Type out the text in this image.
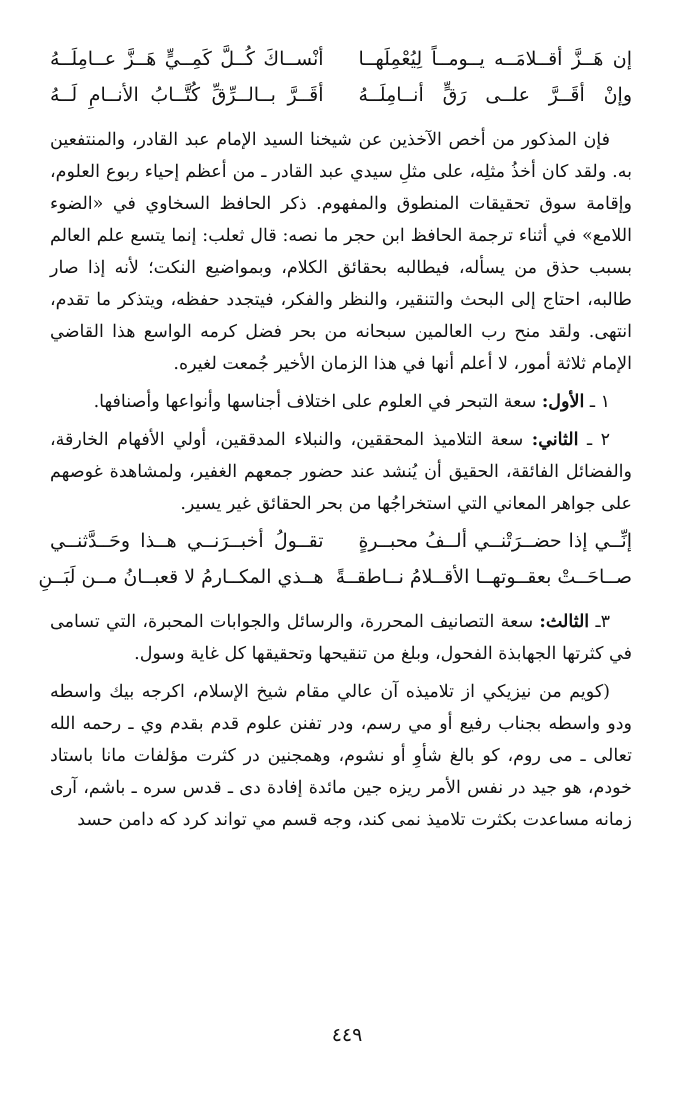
إن هَــزَّ أقــلامَــه يــومــاً لِيُعْمِلَهــا
أنْســاكَ كُــلَّ كَمِــيٍّ هَــزَّ عــامِلَــهُ
وإنْ أقَــرَّ علــى رَقٍّ أنــامِلَــهُ
أقَــرَّ بــالــرِّقِّ كُتَّــابُ الأنــامِ لَــهُ

فإن المذكور من أخص الآخذين عن شيخنا السيد الإمام عبد القادر، والمنتفعين به. ولقد كان أخذُ مثلِه، على مثلِ سيدي عبد القادر ـ من أعظم إحياء ربوع العلوم، وإقامة سوق تحقيقات المنطوق والمفهوم. ذكر الحافظ السخاوي في «الضوء اللامع» في أثناء ترجمة الحافظ ابن حجر ما نصه: قال ثعلب: إنما يتسع علم العالم بسبب حذق من يسأله، فيطالبه بحقائق الكلام، وبمواضيع النكت؛ لأنه إذا صار طالبه، احتاج إلى البحث والتنقير، والنظر والفكر، فيتجدد حفظه، ويتذكر ما تقدم، انتهى. ولقد منح رب العالمين سبحانه من بحر فضل كرمه الواسع هذا القاضي الإمام ثلاثة أمور، لا أعلم أنها في هذا الزمان الأخير جُمعت لغيره.

١ ـ الأول: سعة التبحر في العلوم على اختلاف أجناسها وأنواعها وأصنافها.

٢ ـ الثاني: سعة التلاميذ المحققين، والنبلاء المدققين، أولي الأفهام الخارقة، والفضائل الفائقة، الحقيق أن يُنشد عند حضور جمعهم الغفير، ولمشاهدة غوصهم على جواهر المعاني التي استخراجُها من بحر الحقائق غير يسير.

إنِّــي إذا حضــرَتْنــي ألــفُ محبــرةٍ
تقــولُ أخبــرَنــي هــذا وحَــدَّثنــي
صــاحَــتْ بعقــوتهــا الأقــلامُ نــاطقــةً
هــذي المكــارمُ لا قعبــانُ مــن لَبَــنِ

٣ـ الثالث: سعة التصانيف المحررة، والرسائل والجوابات المحبرة، التي تسامى في كثرتها الجهابذة الفحول، وبلغ من تنقيحها وتحقيقها كل غاية وسول.

(كويم من نيزيكي از تلاميذه آن عالي مقام شيخ الإسلام، اكرجه بيك واسطه ودو واسطه بجناب رفيع أو مي رسم، ودر تفنن علوم قدم بقدم وي ـ رحمه الله تعالى ـ مى روم، كو بالغ شأوِ أو نشوم، وهمجنين در كثرت مؤلفات مانا باستاد خودم، هو جيد در نفس الأمر ريزه جين مائدة إفادة دى ـ قدس سره ـ باشم، آرى زمانه مساعدت بكثرت تلاميذ نمى كند، وجه قسم مي تواند كرد كه دامن حسد

٤٤٩
